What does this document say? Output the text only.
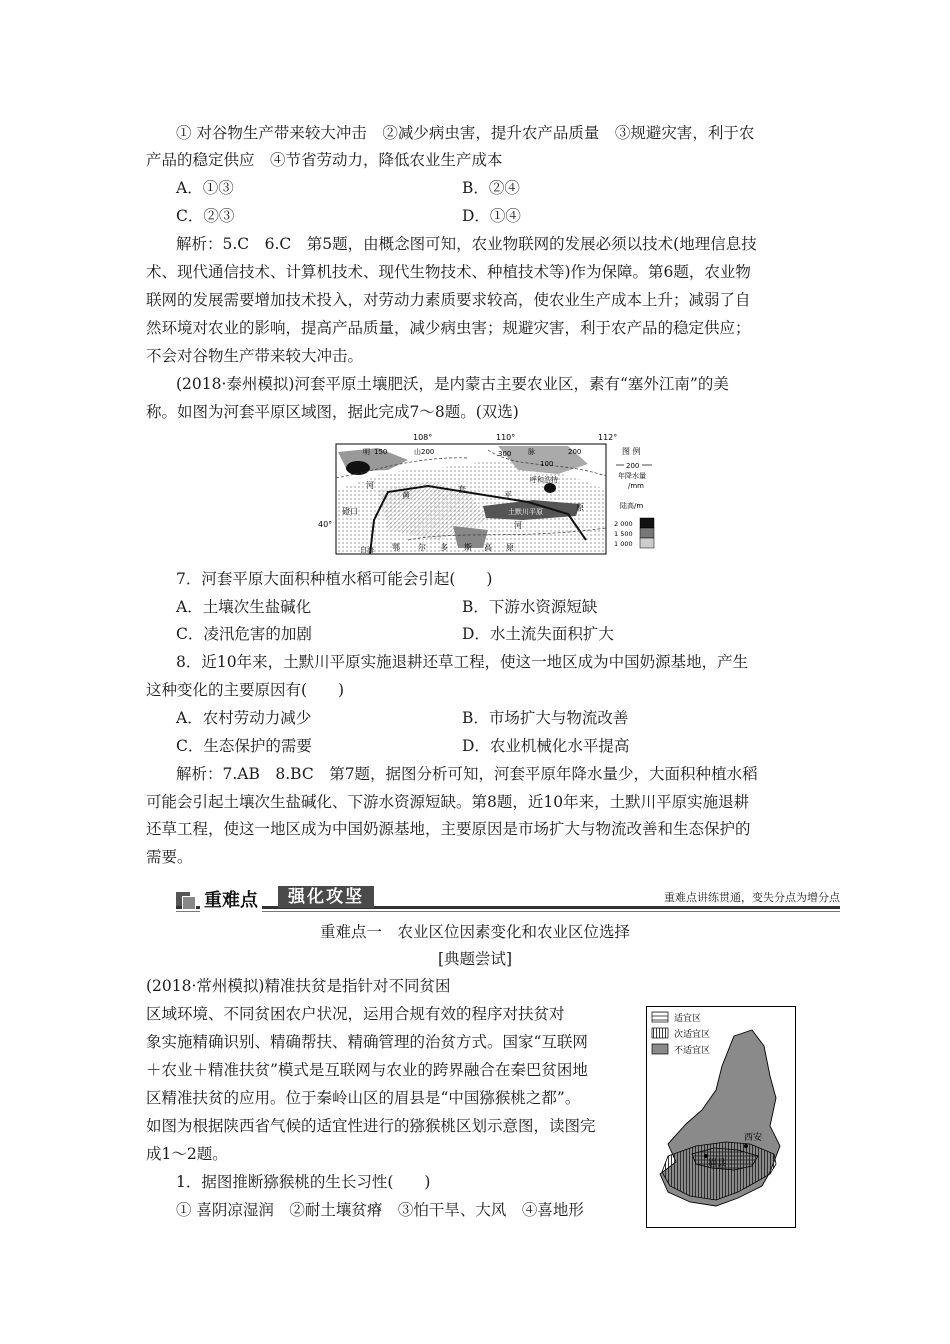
① 对谷物生产带来较大冲击　②减少病虫害，提升农产品质量　③规避灾害，利于农
产品的稳定供应　④节省劳动力，降低农业生产成本
A．①③	B．②④
C．②③	D．①④
解析：5.C　6.C　第5题，由概念图可知，农业物联网的发展必须以技术(地理信息技
术、现代通信技术、计算机技术、现代生物技术、种植技术等)作为保障。第6题，农业物
联网的发展需要增加技术投入，对劳动力素质要求较高，使农业生产成本上升；减弱了自
然环境对农业的影响，提高产品质量，减少病虫害；规避灾害，利于农产品的稳定供应；
不会对谷物生产带来较大冲击。
(2018·泰州模拟)河套平原土壤肥沃，是内蒙古主要农业区，素有“塞外江南”的美
称。如图为河套平原区域图，据此完成7～8题。(双选)
108°	110°	112°
40°
明 150	山200	300 脉
100
200
呼和浩特
河
黄
套
平
原
河
磴口	土默川平原
白海 鄂 尔 多 斯 高 原
图 例
200
年降水量
/mm
陆高/m
2 000
1 500
1 000
7．河套平原大面积种植水稻可能会引起(　　)
A．土壤次生盐碱化	B．下游水资源短缺
C．凌汛危害的加剧	D．水土流失面积扩大
8．近10年来，土默川平原实施退耕还草工程，使这一地区成为中国奶源基地，产生
这种变化的主要原因有(　　)
A．农村劳动力减少	B．市场扩大与物流改善
C．生态保护的需要	D．农业机械化水平提高
解析：7.AB　8.BC　第7题，据图分析可知，河套平原年降水量少，大面积种植水稻
可能会引起土壤次生盐碱化、下游水资源短缺。第8题，近10年来，土默川平原实施退耕
还草工程，使这一地区成为中国奶源基地，主要原因是市场扩大与物流改善和生态保护的
需要。
重难点	强化攻坚	重难点讲练贯通，变失分点为增分点
重难点一　农业区位因素变化和农业区位选择
[典题尝试]
(2018·常州模拟)精准扶贫是指针对不同贫困
区域环境、不同贫困农户状况，运用合规有效的程序对扶贫对
象实施精确识别、精确帮扶、精确管理的治贫方式。国家“互联网
＋农业＋精准扶贫”模式是互联网与农业的跨界融合在秦巴贫困地
区精准扶贫的应用。位于秦岭山区的眉县是“中国猕猴桃之都”。
如图为根据陕西省气候的适宜性进行的猕猴桃区划示意图，读图完
成1～2题。
1．据图推断猕猴桃的生长习性(　　)
① 喜阴凉湿润　②耐土壤贫瘠　③怕干旱、大风　④喜地形
适宜区
次适宜区
不适宜区
西安
眉县
